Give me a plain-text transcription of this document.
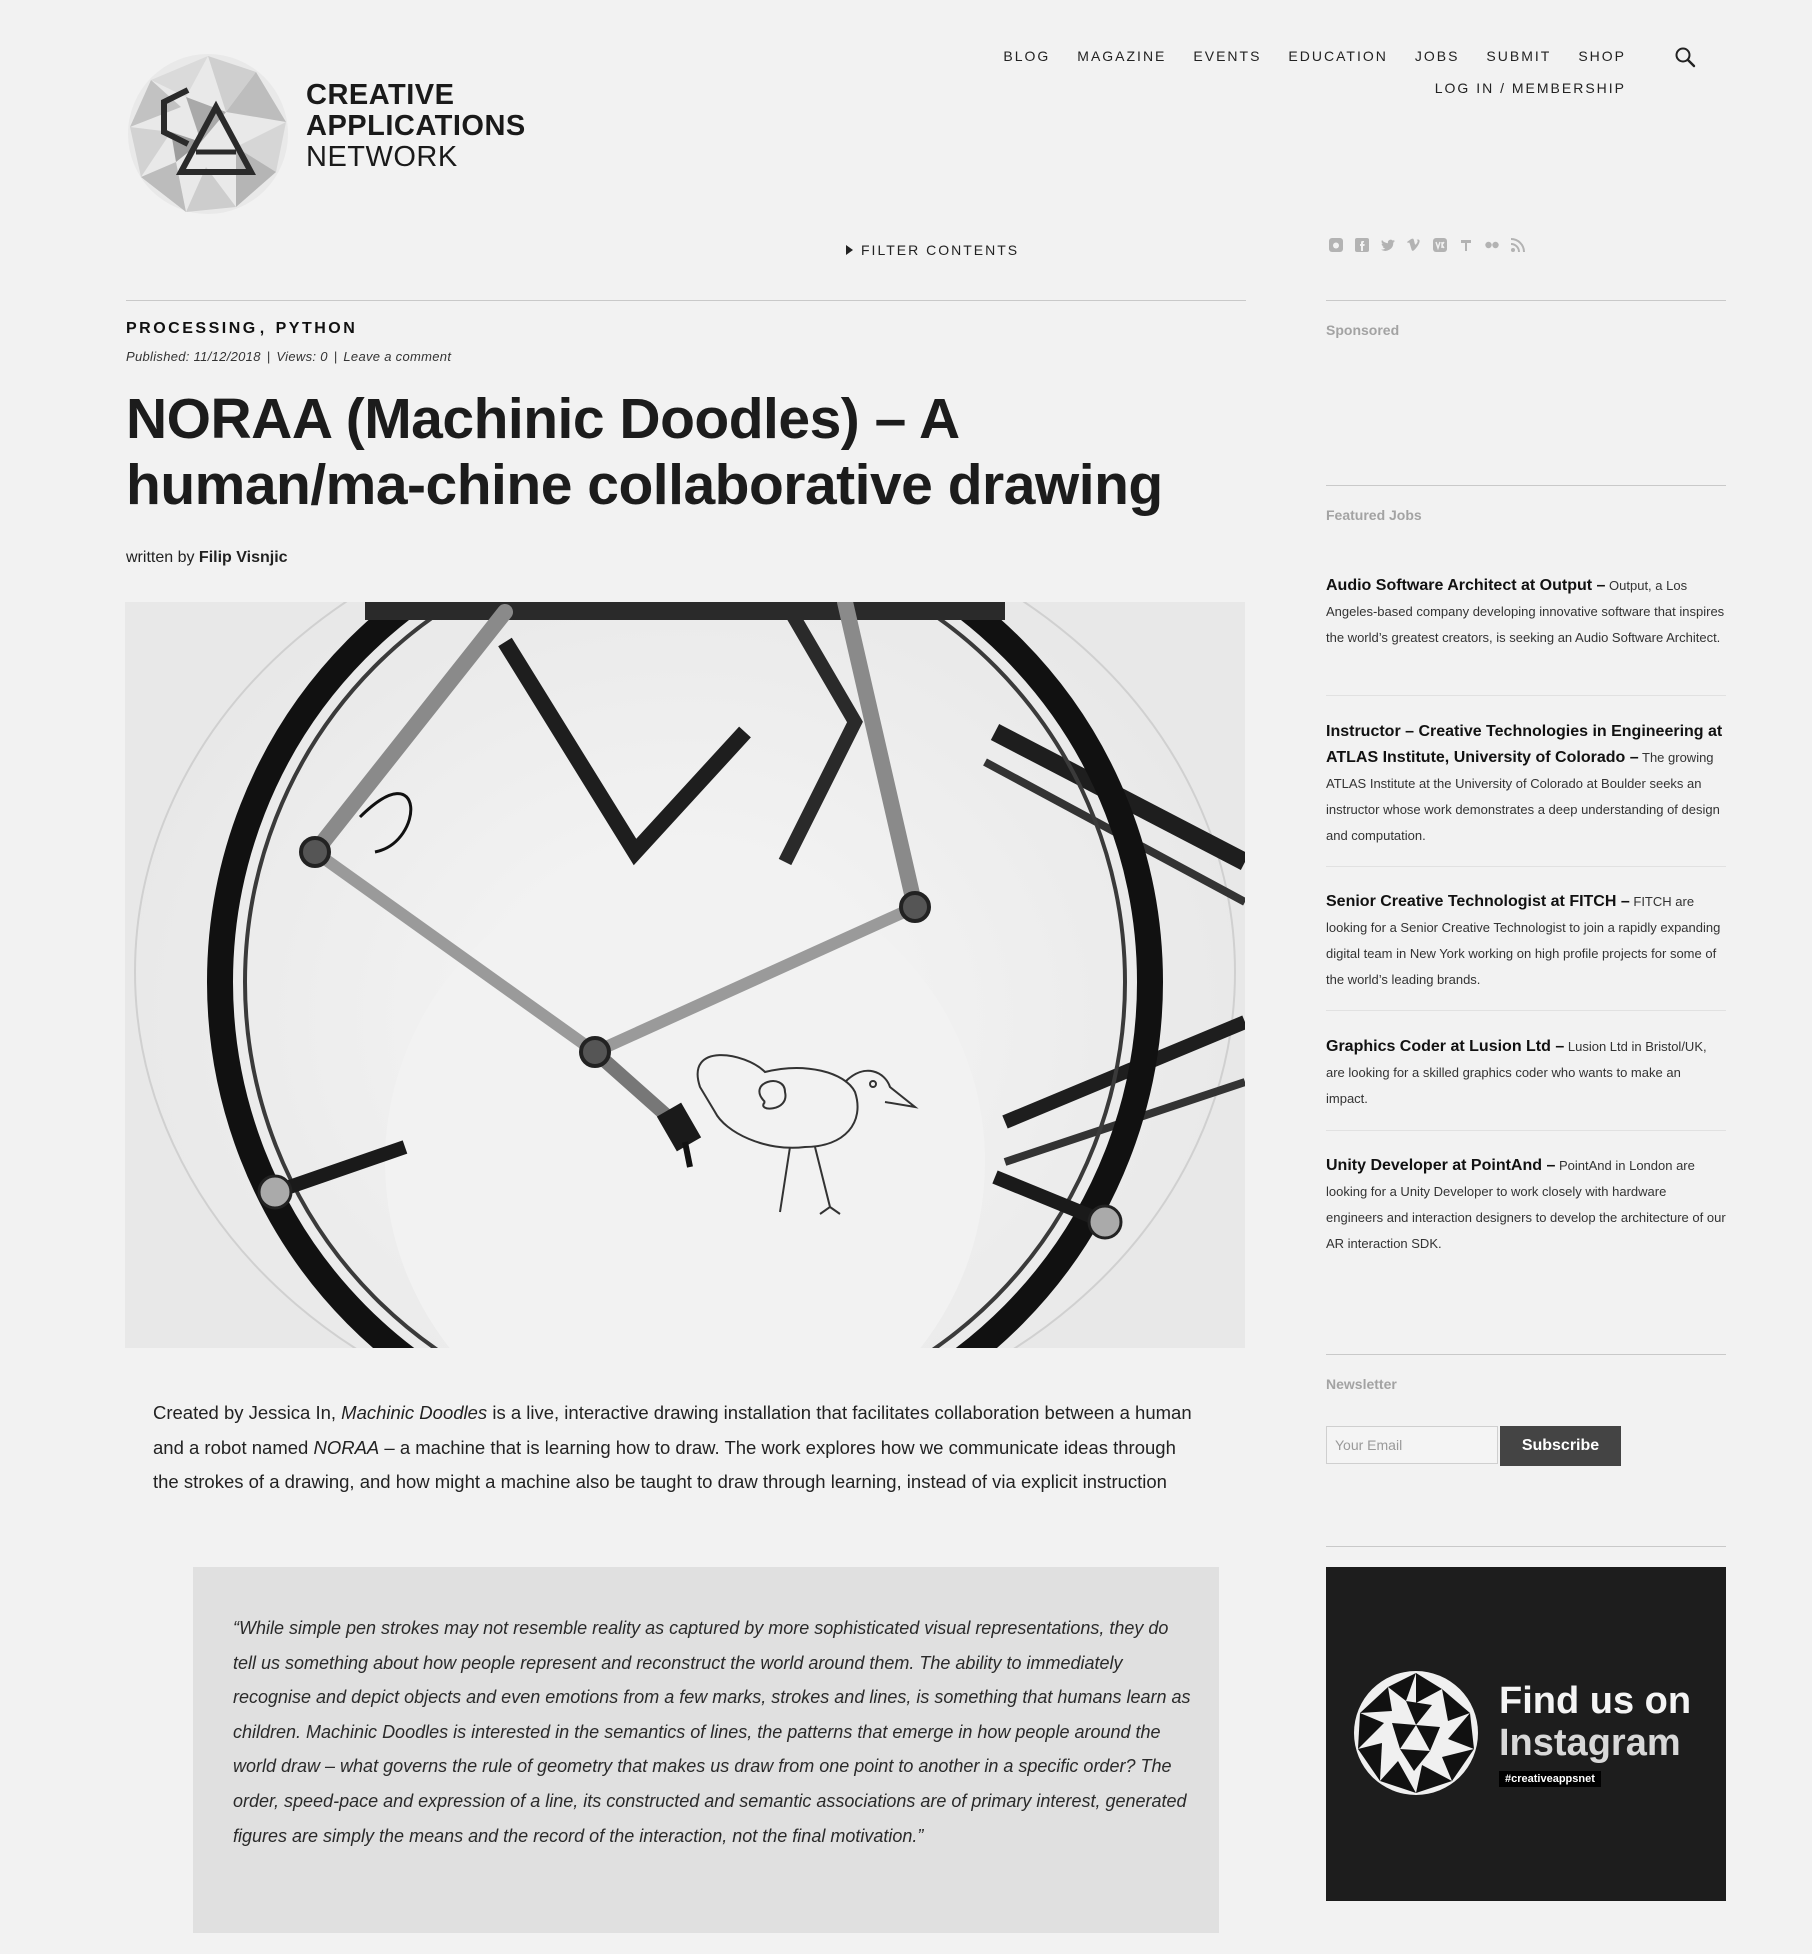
CREATIVE
APPLICATIONS
NETWORK
BLOG MAGAZINE EVENTS EDUCATION JOBS SUBMIT SHOP
LOG IN / MEMBERSHIP
FILTER CONTENTS
PROCESSING , PYTHON
Published: 11/12/2018 | Views: 0 | Leave a comment
NORAA (Machinic Doodles) – A human/ma-chine collaborative drawing
written by Filip Visnjic

Created by Jessica In, Machinic Doodles is a live, interactive drawing installation that facilitates collaboration between a human and a robot named NORAA – a machine that is learning how to draw. The work explores how we communicate ideas through the strokes of a drawing, and how might a machine also be taught to draw through learning, instead of via explicit instruction

“While simple pen strokes may not resemble reality as captured by more sophisticated visual representations, they do tell us something about how people represent and reconstruct the world around them. The ability to immediately recognise and depict objects and even emotions from a few marks, strokes and lines, is something that humans learn as children. Machinic Doodles is interested in the semantics of lines, the patterns that emerge in how people around the world draw – what governs the rule of geometry that makes us draw from one point to another in a specific order? The order, speed-pace and expression of a line, its constructed and semantic associations are of primary interest, generated figures are simply the means and the record of the interaction, not the final motivation.”

Sponsored
Featured Jobs
Audio Software Architect at Output – Output, a Los Angeles-based company developing innovative software that inspires the world’s greatest creators, is seeking an Audio Software Architect.
Instructor – Creative Technologies in Engineering at ATLAS Institute, University of Colorado – The growing ATLAS Institute at the University of Colorado at Boulder seeks an instructor whose work demonstrates a deep understanding of design and computation.
Senior Creative Technologist at FITCH – FITCH are looking for a Senior Creative Technologist to join a rapidly expanding digital team in New York working on high profile projects for some of the world’s leading brands.
Graphics Coder at Lusion Ltd – Lusion Ltd in Bristol/UK, are looking for a skilled graphics coder who wants to make an impact.
Unity Developer at PointAnd – PointAnd in London are looking for a Unity Developer to work closely with hardware engineers and interaction designers to develop the architecture of our AR interaction SDK.
Newsletter
Your Email
Subscribe
Find us on
Instagram
#creativeappsnet
